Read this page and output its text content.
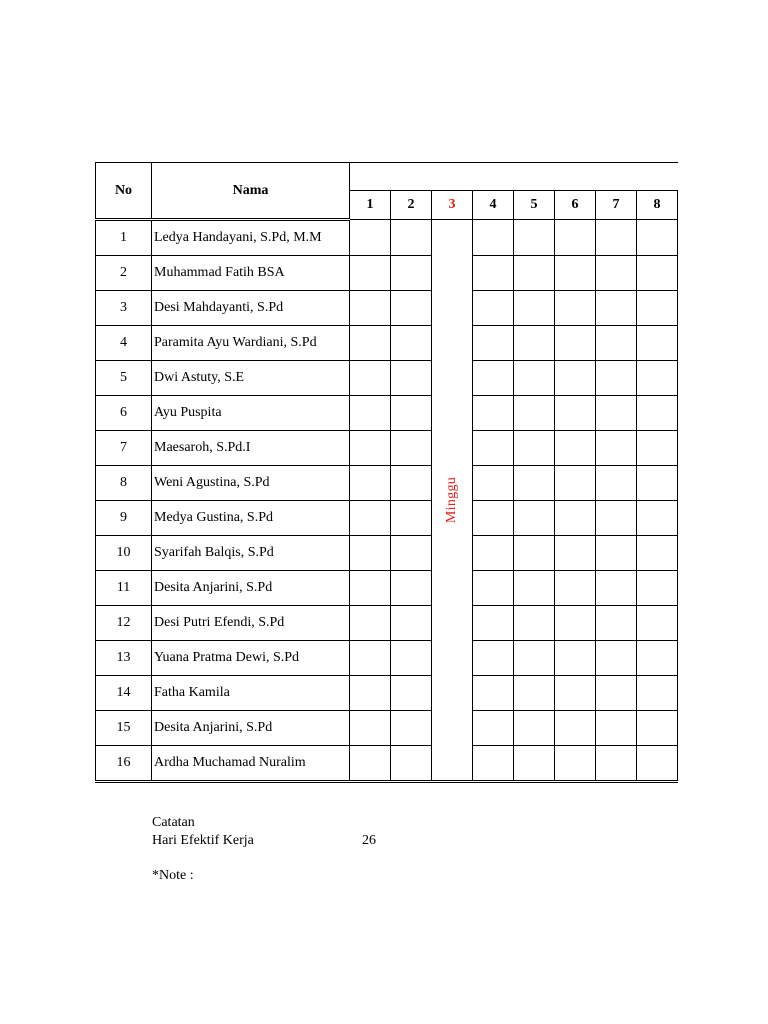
No	Nama								
		1	2	3	4	5	6	7	8
1	Ledya Handayani, S.Pd, M.M			Minggu					

2	Muhammad Fatih BSA								
3	Desi Mahdayanti, S.Pd								
4	Paramita Ayu Wardiani, S.Pd								
5	Dwi Astuty, S.E								
6	Ayu Puspita								
7	Maesaroh, S.Pd.I								
8	Weni Agustina, S.Pd								
9	Medya Gustina, S.Pd								
10	Syarifah Balqis, S.Pd								
11	Desita Anjarini, S.Pd								
12	Desi Putri Efendi, S.Pd								
13	Yuana Pratma Dewi, S.Pd								
14	Fatha Kamila								
15	Desita Anjarini, S.Pd								
16	Ardha Muchamad Nuralim								
Catatan
Hari Efektif Kerja	26
*Note :
